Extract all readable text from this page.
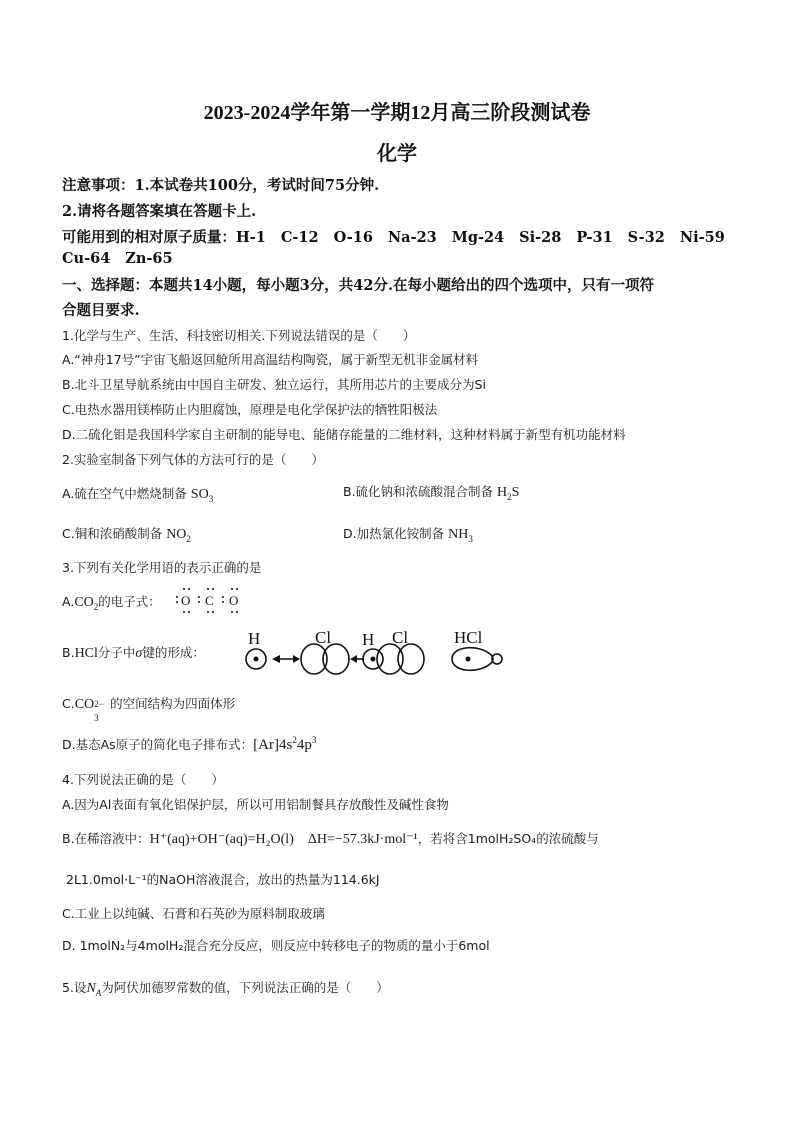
2023-2024学年第一学期12月高三阶段测试卷
化学
注意事项：1.本试卷共100分，考试时间75分钟.
2.请将各题答案填在答题卡上.
可能用到的相对原子质量：H-1 C-12 O-16 Na-23 Mg-24 Si-28 P-31 S-32 Ni-59
Cu-64 Zn-65
一、选择题：本题共14小题，每小题3分，共42分.在每小题给出的四个选项中，只有一项符
合题目要求.
1.化学与生产、生活、科技密切相关.下列说法错误的是（　　）
A.“神舟17号”宇宙飞船返回舱所用高温结构陶瓷，属于新型无机非金属材料
B.北斗卫星导航系统由中国自主研发、独立运行，其所用芯片的主要成分为Si
C.电热水器用镁棒防止内胆腐蚀，原理是电化学保护法的牺牲阳极法
D.二硫化钼是我国科学家自主研制的能导电、能储存能量的二维材料，这种材料属于新型有机功能材料
2.实验室制备下列气体的方法可行的是（　　）
A.硫在空气中燃烧制备 $SO_3$	B.硫化钠和浓硫酸混合制备 $H_2S$
C.铜和浓硝酸制备 $NO_2$	D.加热氯化铵制备 $NH_3$
3.下列有关化学用语的表示正确的是
$A.CO_2$的电子式： O C O
B.HCl分子中σ键的形成：
H	Cl H Cl	HCl
C.CO 2−
3
的空间结构为四面体形
D.基态As原子的简化电子排布式：$[Ar]4s^24p^3$
4.下列说法正确的是（　　）
A.因为Al表面有氧化铝保护层，所以可用铝制餐具存放酸性及碱性食物
B.在稀溶液中：H⁺(aq)+OH⁻(aq)=H₂O(l)　ΔH=−57.3kJ·mol⁻¹，若将含1molH₂SO₄的浓硫酸与
2L1.0mol·L⁻¹的NaOH溶液混合，放出的热量为114.6kJ
C.工业上以纯碱、石膏和石英砂为原料制取玻璃
D. 1molN₂与4molH₂混合充分反应，则反应中转移电子的物质的量小于6mol
5.设$N_A$为阿伏加德罗常数的值，下列说法正确的是（　　）
